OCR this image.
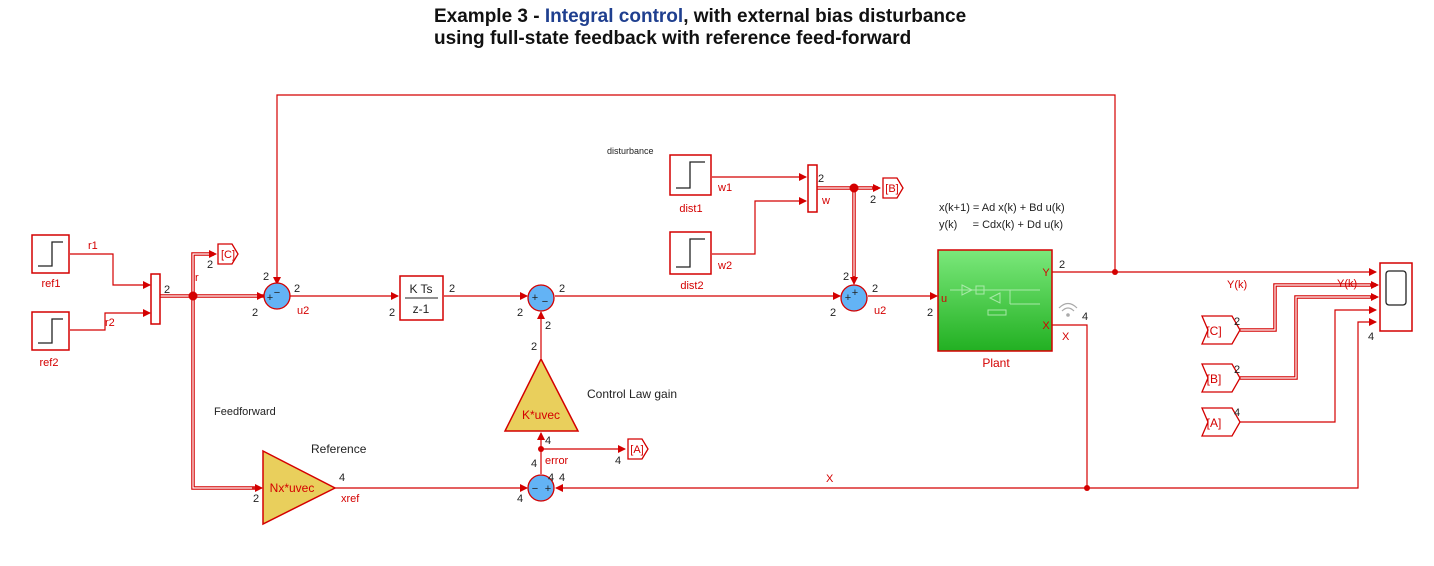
Example 3 - Integral control, with external bias disturbance using full-state feedback with reference feed-forward
ref1
ref2
[C]
−
+
K Ts
z-1
+ −
K*uvec
Nx*uvec	− +
[A]
dist1
dist2
[B]
+ +
Y
X
u
Plant
[C]
[B]
[A]
disturbance
Control Law gain
Feedforward
Reference
x(k+1) = Ad x(k) + Bd u(k)
y(k)     = Cdx(k) + Dd u(k)
r1
r2
r
u2	u2
w1
w2
w
Y(k)	Y(k)
X
X
error
xref
2
2
2
2
2
2
2
2
2
2
2
4
4	4
4
4
4
2
4
2
2
2
2
2
2
2
4	2
2
4
4
